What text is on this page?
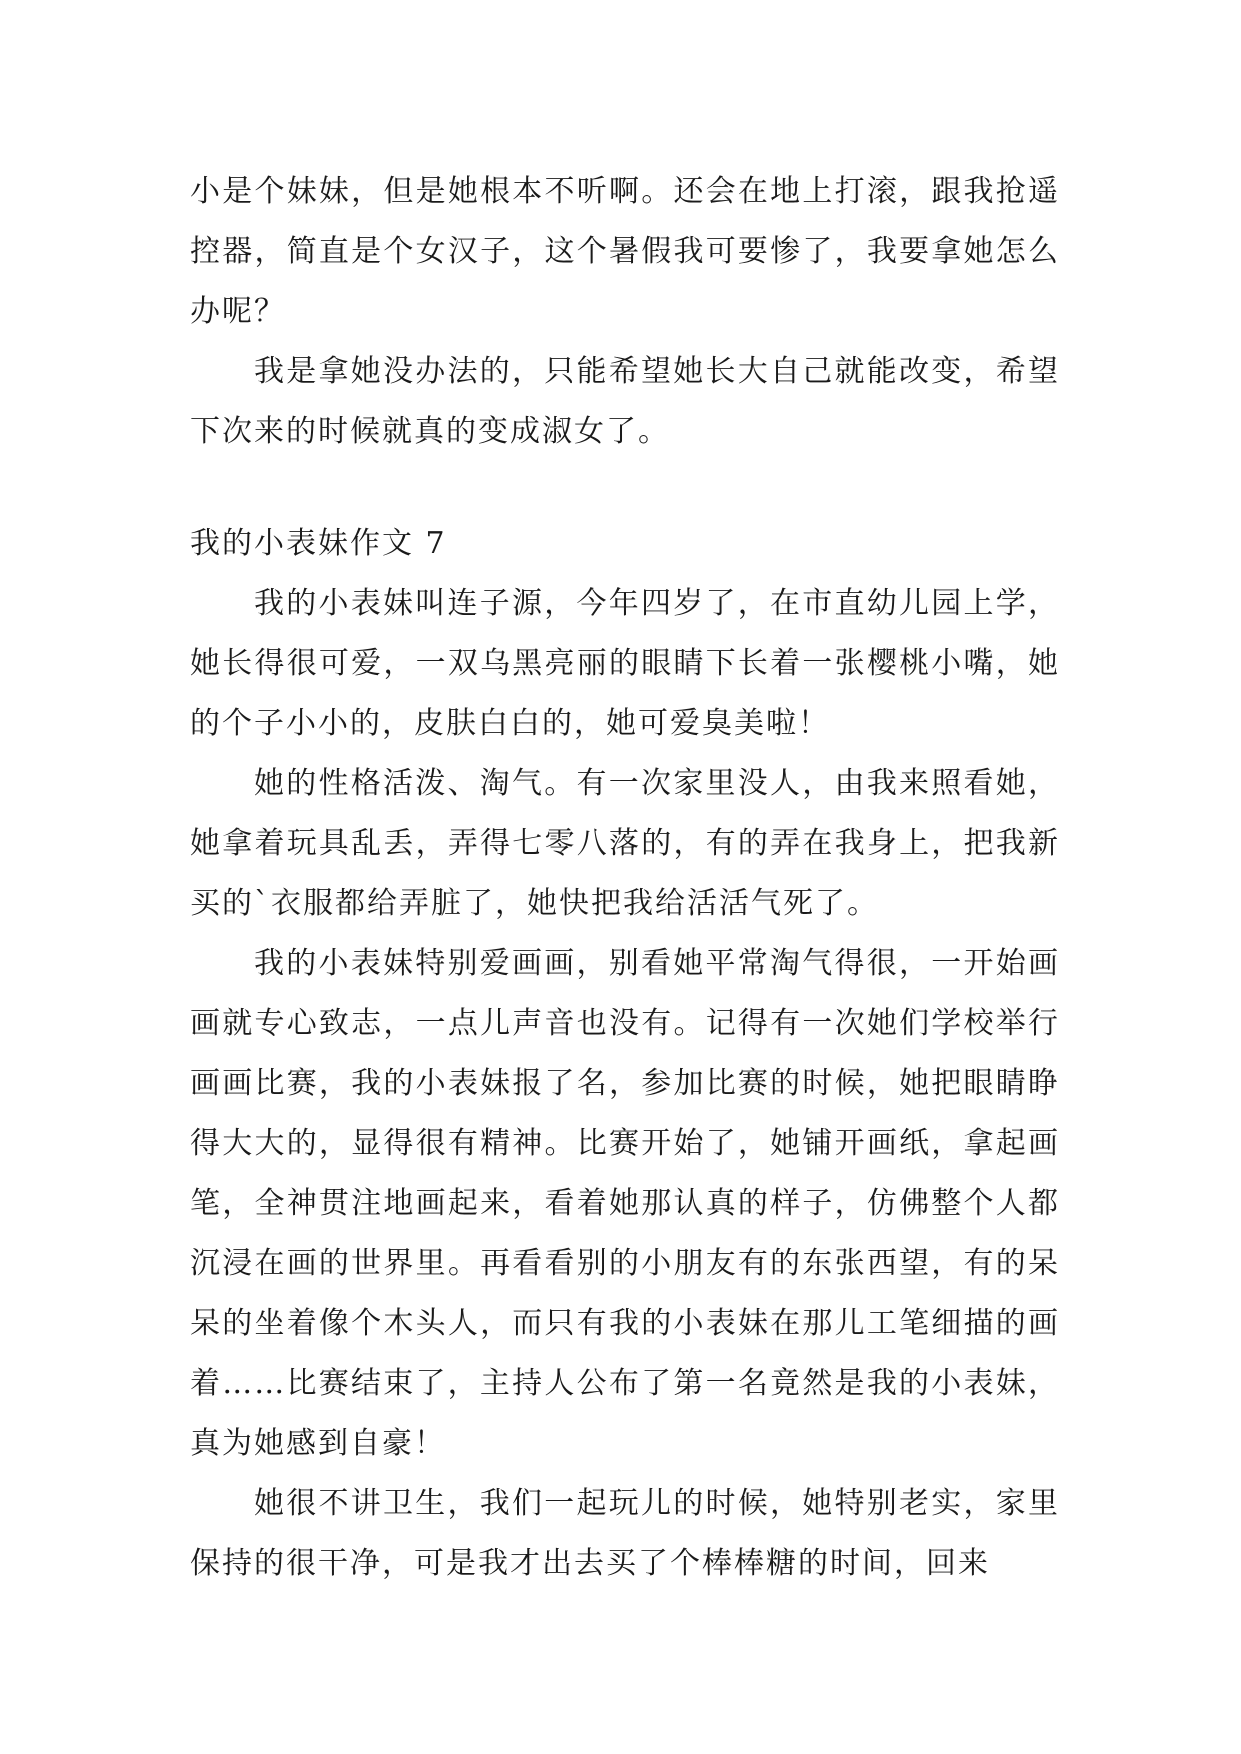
小是个妹妹，但是她根本不听啊。还会在地上打滚，跟我抢遥控器，简直是个女汉子，这个暑假我可要惨了，我要拿她怎么办呢？

我是拿她没办法的，只能希望她长大自己就能改变，希望下次来的时候就真的变成淑女了。

我的小表妹作文 7

我的小表妹叫连子源，今年四岁了，在市直幼儿园上学，她长得很可爱，一双乌黑亮丽的眼睛下长着一张樱桃小嘴，她的个子小小的，皮肤白白的，她可爱臭美啦！

她的性格活泼、淘气。有一次家里没人，由我来照看她，她拿着玩具乱丢，弄得七零八落的，有的弄在我身上，把我新买的`衣服都给弄脏了，她快把我给活活气死了。

我的小表妹特别爱画画，别看她平常淘气得很，一开始画画就专心致志，一点儿声音也没有。记得有一次她们学校举行画画比赛，我的小表妹报了名，参加比赛的时候，她把眼睛睁得大大的，显得很有精神。比赛开始了，她铺开画纸，拿起画笔，全神贯注地画起来，看着她那认真的样子，仿佛整个人都沉浸在画的世界里。再看看别的小朋友有的东张西望，有的呆呆的坐着像个木头人，而只有我的小表妹在那儿工笔细描的画着……比赛结束了，主持人公布了第一名竟然是我的小表妹，真为她感到自豪！

她很不讲卫生，我们一起玩儿的时候，她特别老实，家里保持的很干净，可是我才出去买了个棒棒糖的时间，回来
